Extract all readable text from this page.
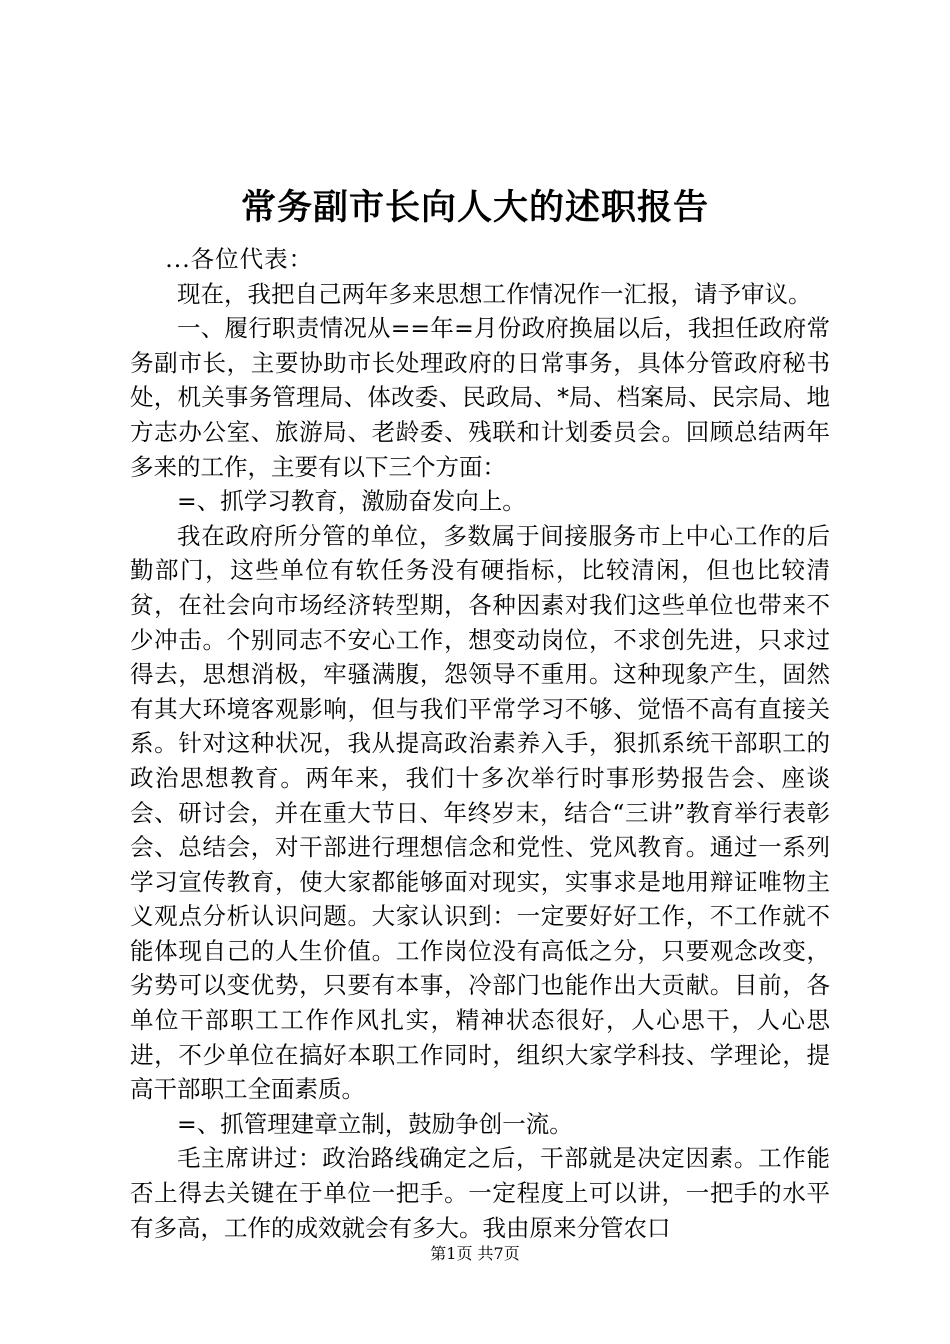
常务副市长向人大的述职报告

...各位代表：

现在，我把自己两年多来思想工作情况作一汇报，请予审议。

一、履行职责情况从==年=月份政府换届以后，我担任政府常务副市长，主要协助市长处理政府的日常事务，具体分管政府秘书处，机关事务管理局、体改委、民政局、*局、档案局、民宗局、地方志办公室、旅游局、老龄委、残联和计划委员会。回顾总结两年多来的工作，主要有以下三个方面：

=、抓学习教育，激励奋发向上。

我在政府所分管的单位，多数属于间接服务市上中心工作的后勤部门，这些单位有软任务没有硬指标，比较清闲，但也比较清贫，在社会向市场经济转型期，各种因素对我们这些单位也带来不少冲击。个别同志不安心工作，想变动岗位，不求创先进，只求过得去，思想消极，牢骚满腹，怨领导不重用。这种现象产生，固然有其大环境客观影响，但与我们平常学习不够、觉悟不高有直接关系。针对这种状况，我从提高政治素养入手，狠抓系统干部职工的政治思想教育。两年来，我们十多次举行时事形势报告会、座谈会、研讨会，并在重大节日、年终岁末，结合“三讲”教育举行表彰会、总结会，对干部进行理想信念和党性、党风教育。通过一系列学习宣传教育，使大家都能够面对现实，实事求是地用辩证唯物主义观点分析认识问题。大家认识到：一定要好好工作，不工作就不能体现自己的人生价值。工作岗位没有高低之分，只要观念改变，劣势可以变优势，只要有本事，冷部门也能作出大贡献。目前，各单位干部职工工作作风扎实，精神状态很好，人心思干，人心思进，不少单位在搞好本职工作同时，组织大家学科技、学理论，提高干部职工全面素质。

=、抓管理建章立制，鼓励争创一流。

毛主席讲过：政治路线确定之后，干部就是决定因素。工作能否上得去关键在于单位一把手。一定程度上可以讲，一把手的水平有多高，工作的成效就会有多大。我由原来分管农口

第1页 共7页
